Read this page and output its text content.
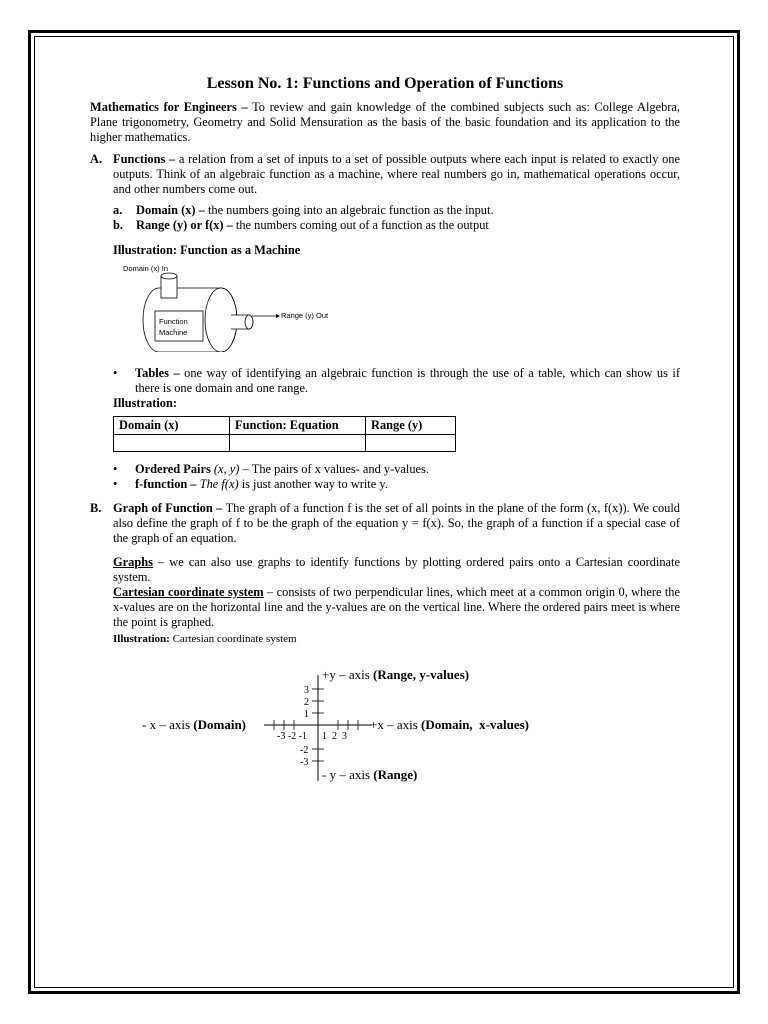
Lesson No. 1: Functions and Operation of Functions

Mathematics for Engineers – To review and gain knowledge of the combined subjects such as: College Algebra, Plane trigonometry, Geometry and Solid Mensuration as the basis of the basic foundation and its application to the higher mathematics.

A. Functions – a relation from a set of inputs to a set of possible outputs where each input is related to exactly one outputs. Think of an algebraic function as a machine, where real numbers go in, mathematical operations occur, and other numbers come out.
a.	Domain (x) – the numbers going into an algebraic function as the input.
b.	Range (y) or f(x) – the numbers coming out of a function as the output

Illustration: Function as a Machine

Domain (x) In
Range (y) Out
Function
Machine
•	Tables – one way of identifying an algebraic function is through the use of a table, which can show us if there is one domain and one range.

Illustration:

Domain (x)	Function: Equation	Range (y)

•	Ordered Pairs (x, y) – The pairs of x values- and y-values.
•	f-function – The f(x) is just another way to write y.
B. Graph of Function – The graph of a function f is the set of all points in the plane of the form (x, f(x)). We could also define the graph of f to be the graph of the equation y = f(x). So, the graph of a function if a special case of the graph of an equation.

Graphs – we can also use graphs to identify functions by plotting ordered pairs onto a Cartesian coordinate system.

Cartesian coordinate system – consists of two perpendicular lines, which meet at a common origin 0, where the x-values are on the horizontal line and the y-values are on the vertical line. Where the ordered pairs meet is where the point is graphed.

Illustration: Cartesian coordinate system

3
2
1
-2
-3
-3 -2 -1 1  2  3
+y – axis (Range, y-values)
- x – axis (Domain)	+x – axis (Domain,  x-values)
- y – axis (Range)
